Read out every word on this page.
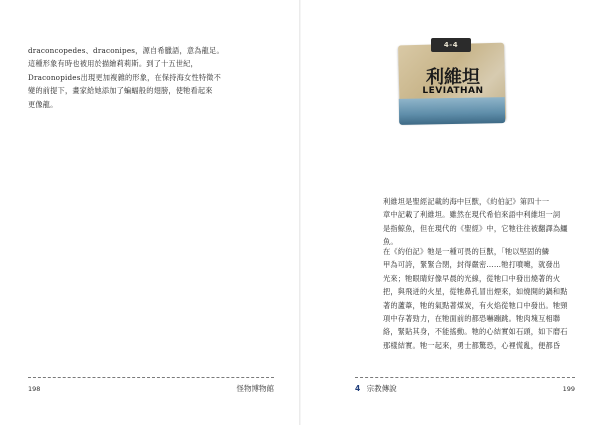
draconcopedes、draconipes，源自希臘語，意為龍足。
這種形象有時也被用於描繪莉莉斯。到了十五世紀，
Draconopides出現更加複雜的形象，在保持海女性特徵不
變的前提下，畫家給她添加了蝙蝠般的翅膀，使牠看起來
更像龍。
198	怪物博物館
4-4
利維坦
LEVIATHAN
利維坦是聖經記載的海中巨獸，《約伯記》第四十一
章中記載了利維坦。雖然在現代希伯來語中利維坦一詞
是指鯨魚，但在現代的《聖經》中，它牠往往被翻譯為鱷
魚。
在《約伯記》牠是一種可畏的巨獸，「牠以堅固的鱗
甲為可誇，緊緊合閉，封得嚴密……牠打噴嚏，就發出
光來；牠眼睛好像早晨的光線，從牠口中發出燒著的火
把，與飛迸的火星，從牠鼻孔冒出煙來，如燒開的鍋和點
著的蘆葦，牠的氣點著煤炭，有火焰從牠口中發出。牠頸
項中存著勁力，在牠面前的都恐嚇蹦跳。牠肉塊互相聯
絡，緊貼其身，不能搖動。牠的心結實如石頭，如下磨石
那樣結實。牠一起來，勇士都驚恐，心裡慌亂，便都昏
4 宗教傳說	199
